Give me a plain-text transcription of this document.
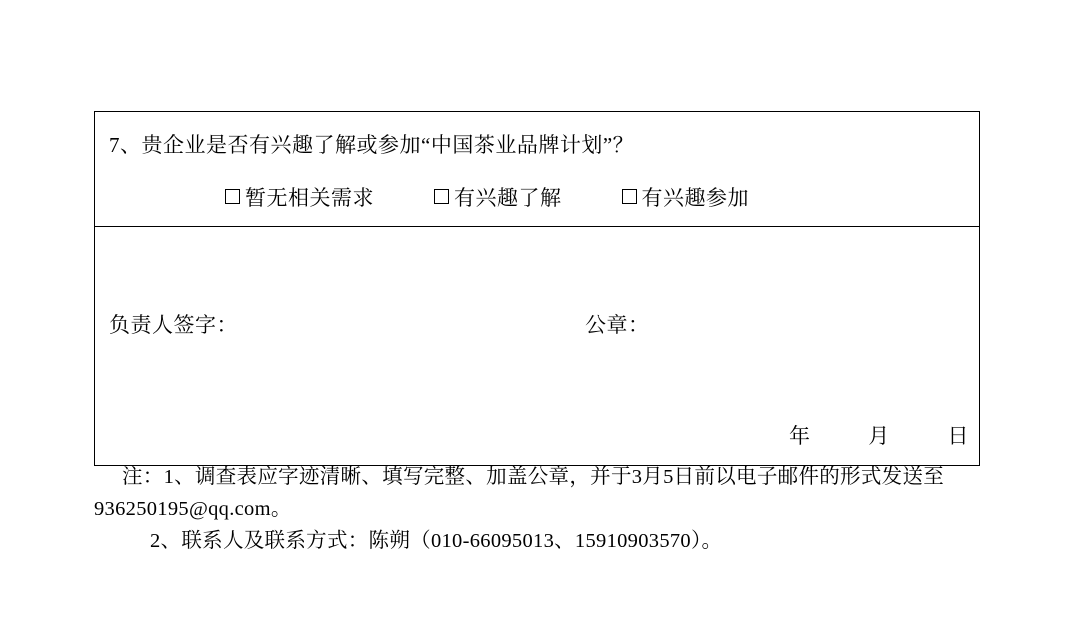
7、贵企业是否有兴趣了解或参加“中国茶业品牌计划”？
暂无相关需求	有兴趣了解	有兴趣参加
负责人签字：	公章：
年	月	日
注：1、调查表应字迹清晰、填写完整、加盖公章，并于3月5日前以电子邮件的形式发送至936250195@qq.com。
2、联系人及联系方式：陈朔（010-66095013、15910903570）。
